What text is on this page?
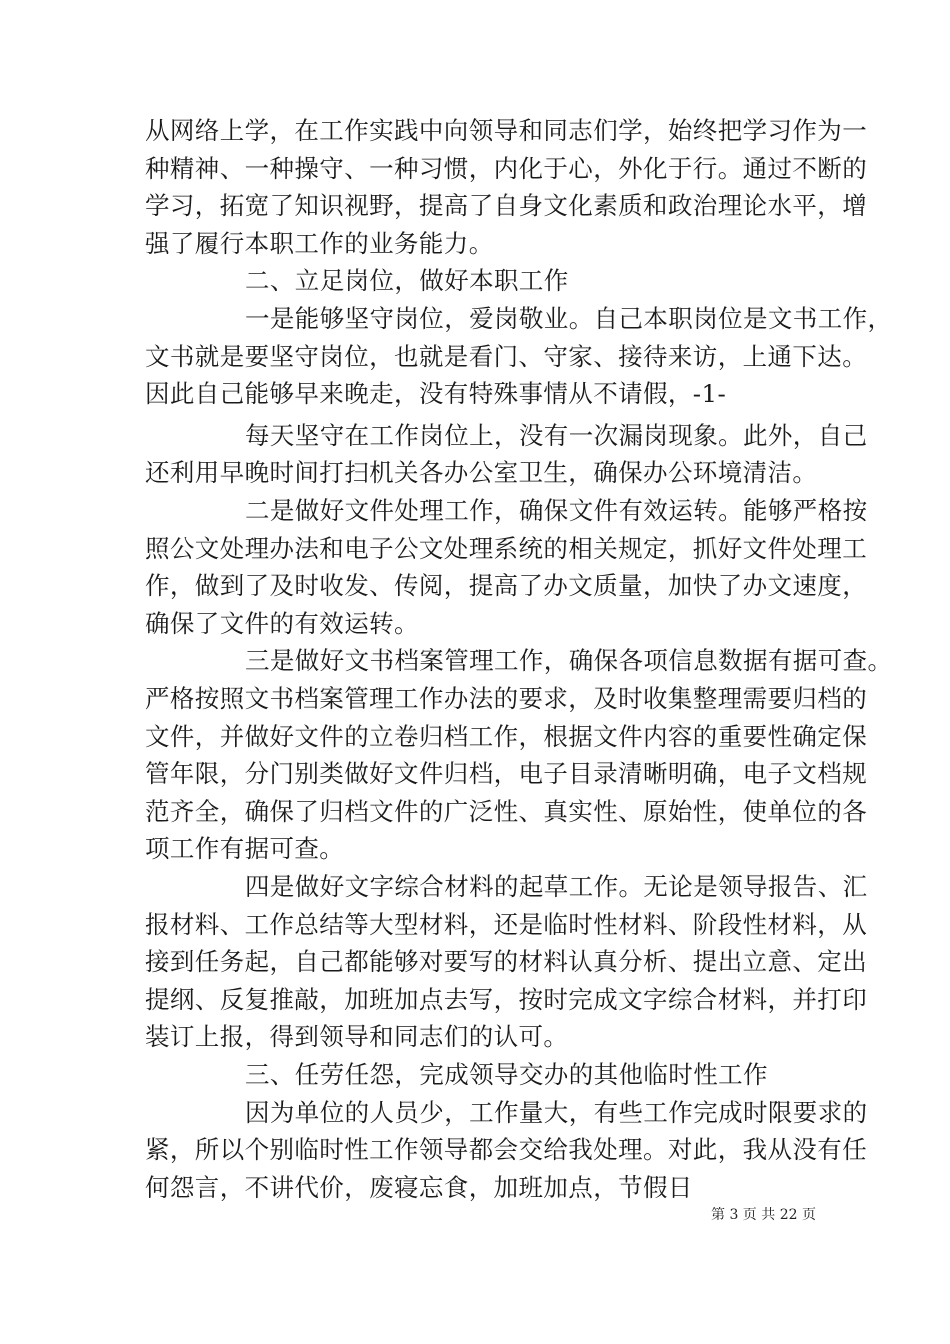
从网络上学，在工作实践中向领导和同志们学，始终把学习作为一
种精神、一种操守、一种习惯，内化于心，外化于行。通过不断的
学习，拓宽了知识视野，提高了自身文化素质和政治理论水平，增
强了履行本职工作的业务能力。
二、立足岗位，做好本职工作
一是能够坚守岗位，爱岗敬业。自己本职岗位是文书工作，
文书就是要坚守岗位，也就是看门、守家、接待来访，上通下达。
因此自己能够早来晚走，没有特殊事情从不请假，-1-
每天坚守在工作岗位上，没有一次漏岗现象。此外，自己
还利用早晚时间打扫机关各办公室卫生，确保办公环境清洁。
二是做好文件处理工作，确保文件有效运转。能够严格按
照公文处理办法和电子公文处理系统的相关规定，抓好文件处理工
作，做到了及时收发、传阅，提高了办文质量，加快了办文速度，
确保了文件的有效运转。
三是做好文书档案管理工作，确保各项信息数据有据可查。
严格按照文书档案管理工作办法的要求，及时收集整理需要归档的
文件，并做好文件的立卷归档工作，根据文件内容的重要性确定保
管年限，分门别类做好文件归档，电子目录清晰明确，电子文档规
范齐全，确保了归档文件的广泛性、真实性、原始性，使单位的各
项工作有据可查。
四是做好文字综合材料的起草工作。无论是领导报告、汇
报材料、工作总结等大型材料，还是临时性材料、阶段性材料，从
接到任务起，自己都能够对要写的材料认真分析、提出立意、定出
提纲、反复推敲，加班加点去写，按时完成文字综合材料，并打印
装订上报，得到领导和同志们的认可。
三、任劳任怨，完成领导交办的其他临时性工作
因为单位的人员少，工作量大，有些工作完成时限要求的
紧，所以个别临时性工作领导都会交给我处理。对此，我从没有任
何怨言，不讲代价，废寝忘食，加班加点，节假日
第 3 页 共 22 页
